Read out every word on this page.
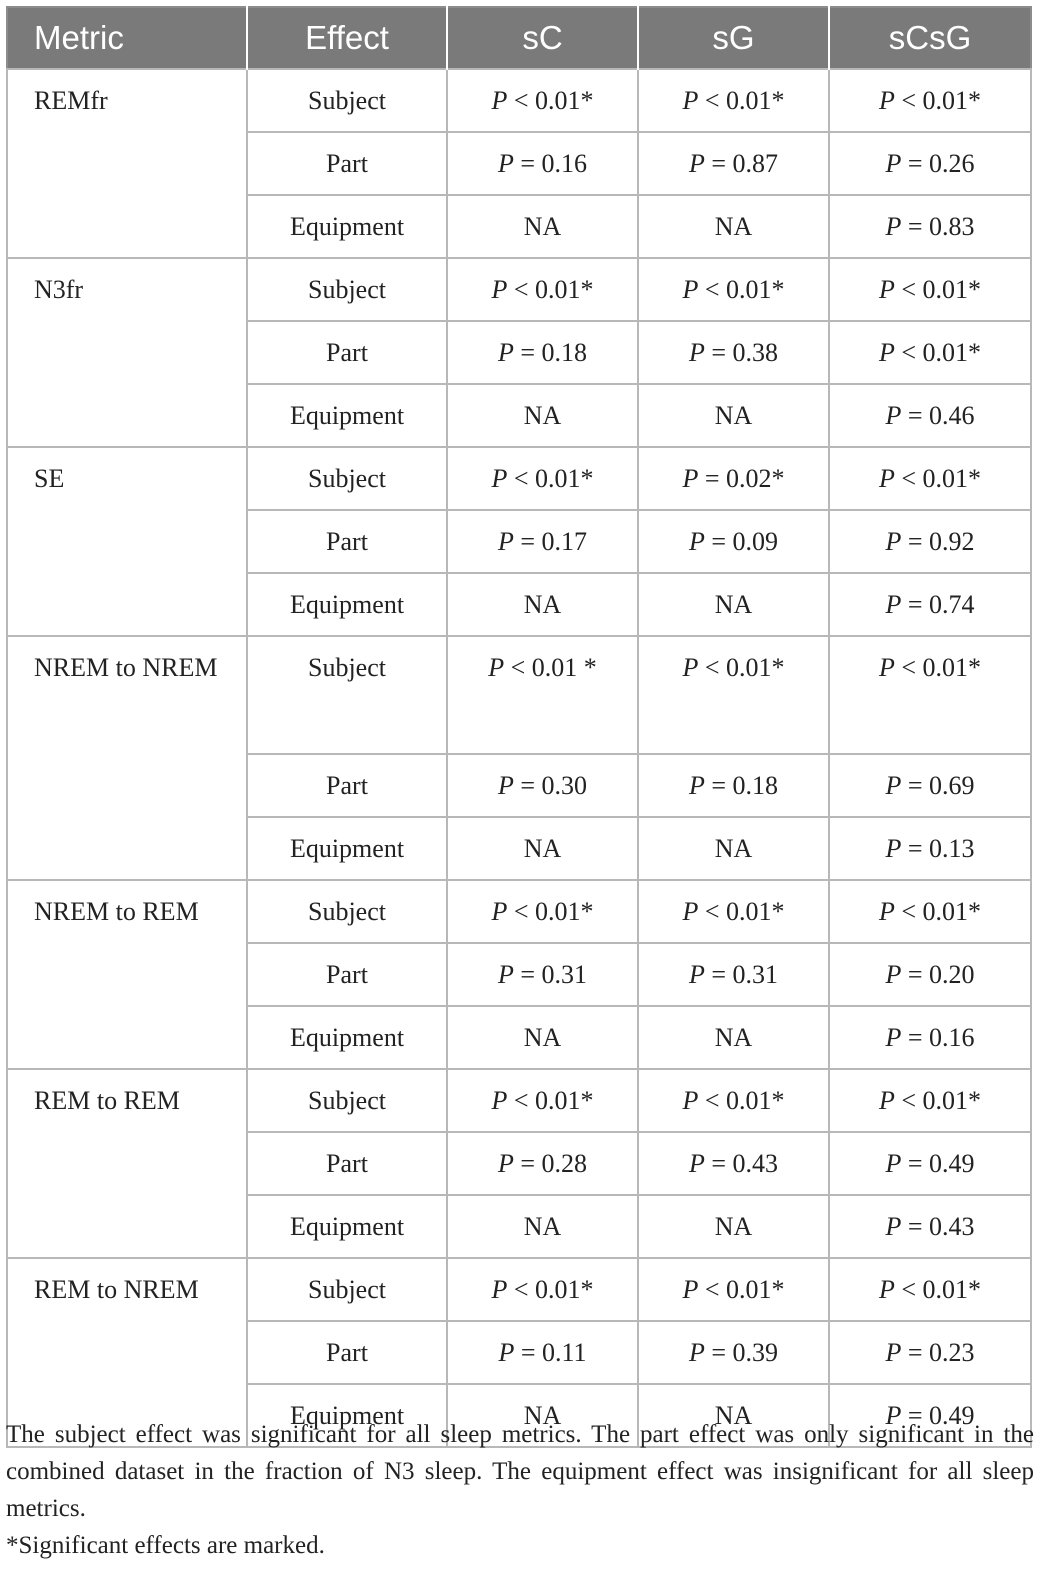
Metric	Effect	sC	sG	sCsG

REMfr	Subject	P < 0.01*	P < 0.01*	P < 0.01*
	Part	P = 0.16	P = 0.87	P = 0.26
	Equipment	NA	NA	P = 0.83

N3fr	Subject	P < 0.01*	P < 0.01*	P < 0.01*
	Part	P = 0.18	P = 0.38	P < 0.01*
	Equipment	NA	NA	P = 0.46

SE	Subject	P < 0.01*	P = 0.02*	P < 0.01*
	Part	P = 0.17	P = 0.09	P = 0.92
	Equipment	NA	NA	P = 0.74

NREM to NREM	Subject	P < 0.01 *	P < 0.01*	P < 0.01*
	Part	P = 0.30	P = 0.18	P = 0.69
	Equipment	NA	NA	P = 0.13

NREM to REM	Subject	P < 0.01*	P < 0.01*	P < 0.01*
	Part	P = 0.31	P = 0.31	P = 0.20
	Equipment	NA	NA	P = 0.16

REM to REM	Subject	P < 0.01*	P < 0.01*	P < 0.01*
	Part	P = 0.28	P = 0.43	P = 0.49
	Equipment	NA	NA	P = 0.43

REM to NREM	Subject	P < 0.01*	P < 0.01*	P < 0.01*
	Part	P = 0.11	P = 0.39	P = 0.23
	Equipment	NA	NA	P = 0.49

The subject effect was significant for all sleep metrics. The part effect was only significant in the combined dataset in the fraction of N3 sleep. The equipment effect was insignificant for all sleep metrics.

*Significant effects are marked.
